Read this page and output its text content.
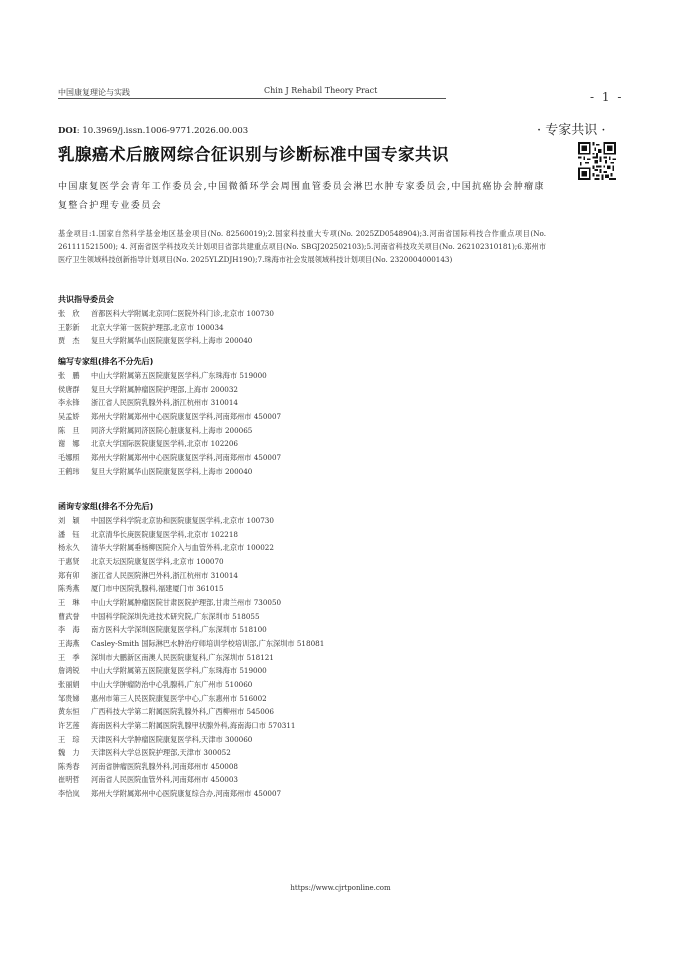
中国康复理论与实践	Chin J Rehabil Theory Pract	- 1 -
DOI: 10.3969/j.issn.1006-9771.2026.00.003	· 专家共识 ·
乳腺癌术后腋网综合征识别与诊断标准中国专家共识

中国康复医学会青年工作委员会,中国微循环学会周围血管委员会淋巴水肿专家委员会,中国抗癌协会肿瘤康复整合护理专业委员会

基金项目:1.国家自然科学基金地区基金项目(No. 82560019);2.国家科技重大专项(No. 2025ZD0548904);3.河南省国际科技合作重点项目(No. 261111521500); 4. 河南省医学科技攻关计划项目省部共建重点项目(No. SBGJ202502103);5.河南省科技攻关项目(No. 262102310181);6.郑州市医疗卫生领域科技创新指导计划项目(No. 2025YLZDJH190);7.珠海市社会发展领域科技计划项目(No. 2320004000143)

共识指导委员会
张　欣 首都医科大学附属北京同仁医院外科门诊,北京市 100730
王影新 北京大学第一医院护理部,北京市 100034
贾　杰 复旦大学附属华山医院康复医学科,上海市 200040
编写专家组(排名不分先后)
张　鹏 中山大学附属第五医院康复医学科,广东珠海市 519000
侯唐群 复旦大学附属肿瘤医院护理部,上海市 200032
李永锋 浙江省人民医院乳腺外科,浙江杭州市 310014
吴孟娇 郑州大学附属郑州中心医院康复医学科,河南郑州市 450007
陈　旦 同济大学附属同济医院心脏康复科,上海市 200065
谢　娜 北京大学国际医院康复医学科,北京市 102206
毛娜照 郑州大学附属郑州中心医院康复医学科,河南郑州市 450007
王鹤玮 复旦大学附属华山医院康复医学科,上海市 200040
函询专家组(排名不分先后)
刘　颖 中国医学科学院北京协和医院康复医学科,北京市 100730
潘　钰 北京清华长庚医院康复医学科,北京市 102218
杨永久 清华大学附属垂杨柳医院介入与血管外科,北京市 100022
于惠贤 北京天坛医院康复医学科,北京市 100070
郑有卯 浙江省人民医院淋巴外科,浙江杭州市 310014
陈秀燕 厦门市中医院乳腺科,福建厦门市 361015
王　琳 中山大学附属肿瘤医院甘肃医院护理部,甘肃兰州市 730050
曹武誉 中国科学院深圳先进技术研究院,广东深圳市 518055
李　海 南方医科大学深圳医院康复医学科,广东深圳市 518100
王海燕 Casley-Smith 国际淋巴水肿治疗师培训学校培训部,广东深圳市 518081
王　季 深圳市大鹏新区南澳人民医院康复科,广东深圳市 518121
詹鸿锐 中山大学附属第五医院康复医学科,广东珠海市 519000
张丽娟 中山大学肿瘤防治中心乳腺科,广东广州市 510060
邹贵娣 惠州市第三人民医院康复医学中心,广东惠州市 516002
黄东恒 广西科技大学第二附属医院乳腺外科,广西柳州市 545006
许艺莲 海南医科大学第二附属医院乳腺甲状腺外科,海南海口市 570311
王　琮 天津医科大学肿瘤医院康复医学科,天津市 300060
魏　力 天津医科大学总医院护理部,天津市 300052
陈秀春 河南省肿瘤医院乳腺外科,河南郑州市 450008
崔明哲 河南省人民医院血管外科,河南郑州市 450003
李恰岚 郑州大学附属郑州中心医院康复综合办,河南郑州市 450007
https://www.cjrtponline.com
